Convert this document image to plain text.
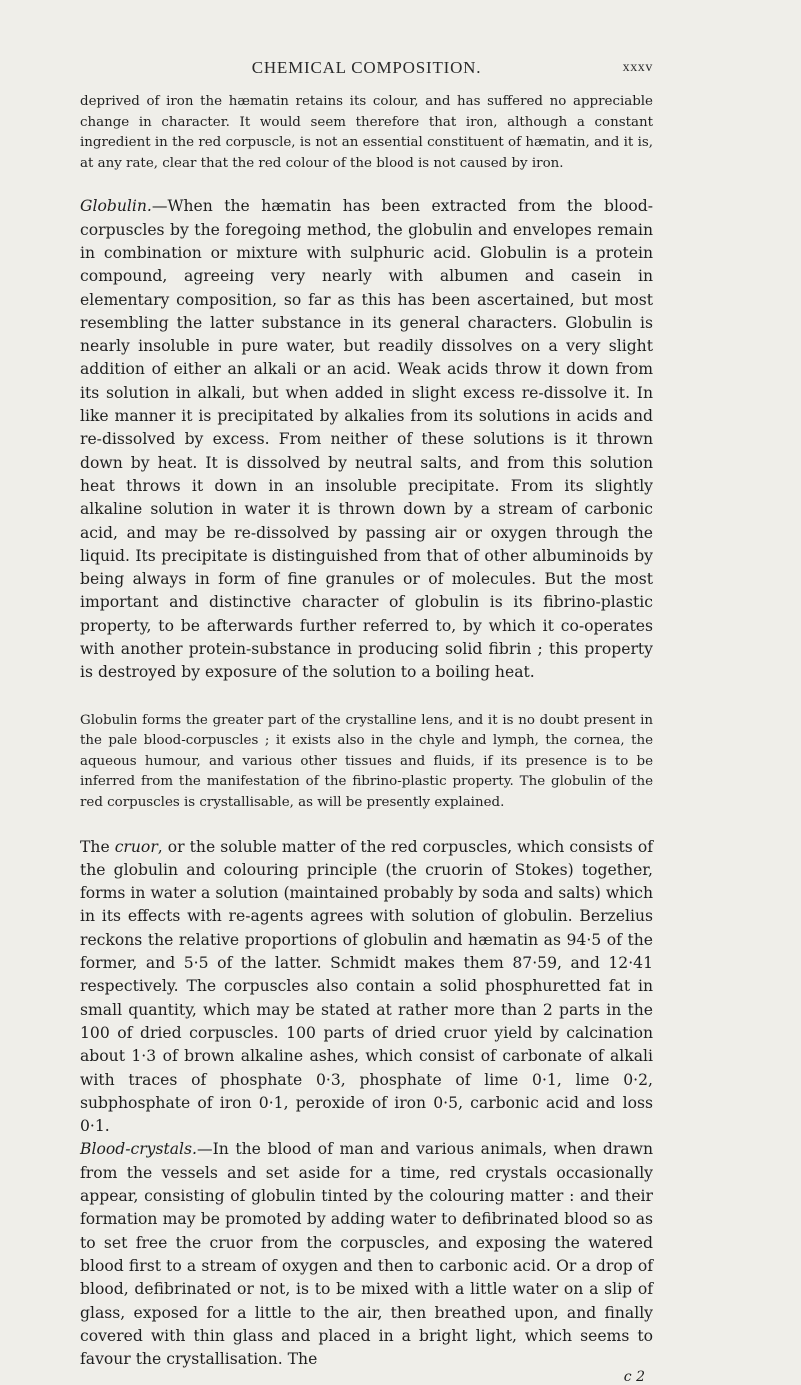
CHEMICAL COMPOSITION.	xxxv

deprived of iron the hæmatin retains its colour, and has suffered no appreciable change in character. It would seem therefore that iron, although a constant ingredient in the red corpuscle, is not an essential constituent of hæmatin, and it is, at any rate, clear that the red colour of the blood is not caused by iron.

Globulin.—When the hæmatin has been extracted from the blood-corpuscles by the foregoing method, the globulin and envelopes remain in combination or mixture with sulphuric acid. Globulin is a protein compound, agreeing very nearly with albumen and casein in elementary composition, so far as this has been ascertained, but most resembling the latter substance in its general characters. Globulin is nearly insoluble in pure water, but readily dissolves on a very slight addition of either an alkali or an acid. Weak acids throw it down from its solution in alkali, but when added in slight excess re-dissolve it. In like manner it is precipitated by alkalies from its solutions in acids and re-dissolved by excess. From neither of these solutions is it thrown down by heat. It is dissolved by neutral salts, and from this solution heat throws it down in an insoluble precipitate. From its slightly alkaline solution in water it is thrown down by a stream of carbonic acid, and may be re-dissolved by passing air or oxygen through the liquid. Its precipitate is distinguished from that of other albuminoids by being always in form of fine granules or of molecules. But the most important and distinctive character of globulin is its fibrino-plastic property, to be afterwards further referred to, by which it co-operates with another protein-substance in producing solid fibrin ; this property is destroyed by exposure of the solution to a boiling heat.

Globulin forms the greater part of the crystalline lens, and it is no doubt present in the pale blood-corpuscles ; it exists also in the chyle and lymph, the cornea, the aqueous humour, and various other tissues and fluids, if its presence is to be inferred from the manifestation of the fibrino-plastic property. The globulin of the red corpuscles is crystallisable, as will be presently explained.

The cruor, or the soluble matter of the red corpuscles, which consists of the globulin and colouring principle (the cruorin of Stokes) together, forms in water a solution (maintained probably by soda and salts) which in its effects with re-agents agrees with solution of globulin. Berzelius reckons the relative proportions of globulin and hæmatin as 94·5 of the former, and 5·5 of the latter. Schmidt makes them 87·59, and 12·41 respectively. The corpuscles also contain a solid phosphuretted fat in small quantity, which may be stated at rather more than 2 parts in the 100 of dried corpuscles. 100 parts of dried cruor yield by calcination about 1·3 of brown alkaline ashes, which consist of carbonate of alkali with traces of phosphate 0·3, phosphate of lime 0·1, lime 0·2, subphosphate of iron 0·1, peroxide of iron 0·5, carbonic acid and loss 0·1.

Blood-crystals.—In the blood of man and various animals, when drawn from the vessels and set aside for a time, red crystals occasionally appear, consisting of globulin tinted by the colouring matter : and their formation may be promoted by adding water to defibrinated blood so as to set free the cruor from the corpuscles, and exposing the watered blood first to a stream of oxygen and then to carbonic acid. Or a drop of blood, defibrinated or not, is to be mixed with a little water on a slip of glass, exposed for a little to the air, then breathed upon, and finally covered with thin glass and placed in a bright light, which seems to favour the crystallisation. The

c 2
